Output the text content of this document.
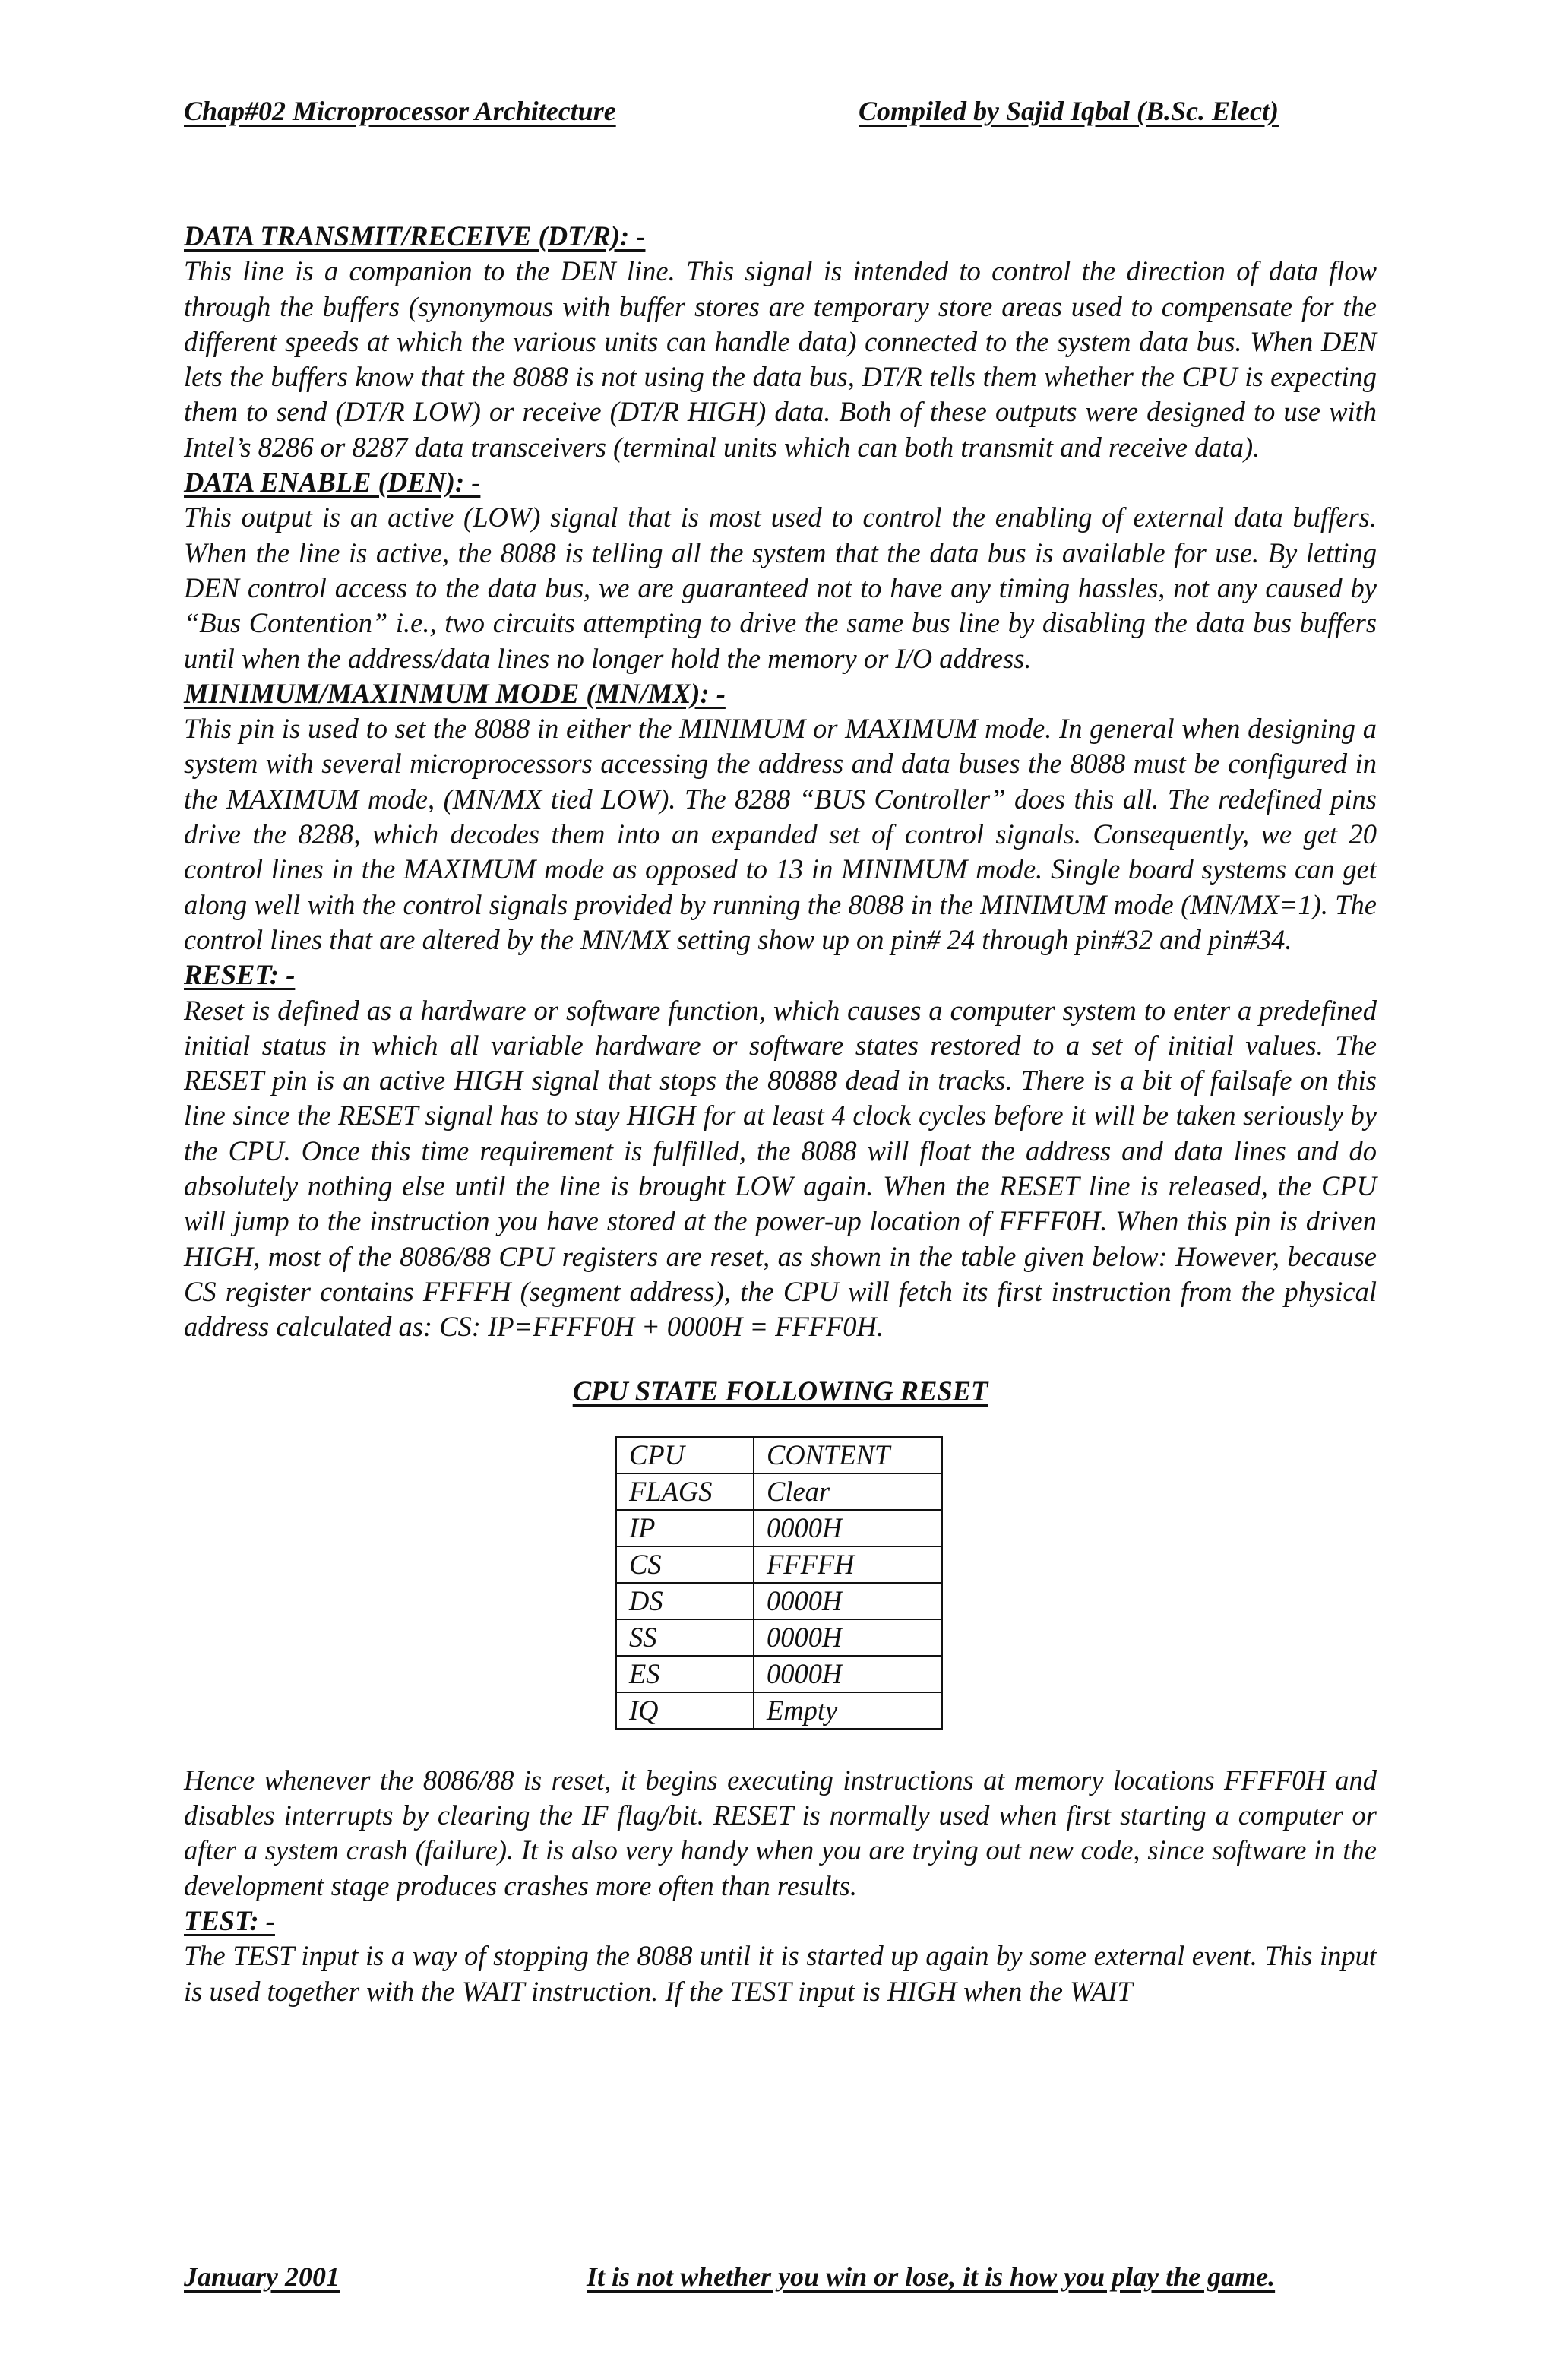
Chap#02 Microprocessor Architecture	Compiled by Sajid Iqbal (B.Sc. Elect)

DATA TRANSMIT/RECEIVE (DT/R): -

This line is a companion to the DEN line. This signal is intended to control the direction of data flow through the buffers (synonymous with buffer stores are temporary store areas used to compensate for the different speeds at which the various units can handle data) connected to the system data bus. When DEN lets the buffers know that the 8088 is not using the data bus, DT/R tells them whether the CPU is expecting them to send (DT/R LOW) or receive (DT/R HIGH) data. Both of these outputs were designed to use with Intel’s 8286 or 8287 data transceivers (terminal units which can both transmit and receive data).

DATA ENABLE (DEN): -

This output is an active (LOW) signal that is most used to control the enabling of external data buffers. When the line is active, the 8088 is telling all the system that the data bus is available for use. By letting DEN control access to the data bus, we are guaranteed not to have any timing hassles, not any caused by “Bus Contention” i.e., two circuits attempting to drive the same bus line by disabling the data bus buffers until when the address/data lines no longer hold the memory or I/O address.

MINIMUM/MAXINMUM MODE (MN/MX): -

This pin is used to set the 8088 in either the MINIMUM or MAXIMUM mode. In general when designing a system with several microprocessors accessing the address and data buses the 8088 must be configured in the MAXIMUM mode, (MN/MX tied LOW). The 8288 “BUS Controller” does this all. The redefined pins drive the 8288, which decodes them into an expanded set of control signals. Consequently, we get 20 control lines in the MAXIMUM mode as opposed to 13 in MINIMUM mode. Single board systems can get along well with the control signals provided by running the 8088 in the MINIMUM mode (MN/MX=1). The control lines that are altered by the MN/MX setting show up on pin# 24 through pin#32 and pin#34.

RESET: -

Reset is defined as a hardware or software function, which causes a computer system to enter a predefined initial status in which all variable hardware or software states restored to a set of initial values. The RESET pin is an active HIGH signal that stops the 80888 dead in tracks. There is a bit of failsafe on this line since the RESET signal has to stay HIGH for at least 4 clock cycles before it will be taken seriously by the CPU. Once this time requirement is fulfilled, the 8088 will float the address and data lines and do absolutely nothing else until the line is brought LOW again. When the RESET line is released, the CPU will jump to the instruction you have stored at the power-up location of FFFF0H. When this pin is driven HIGH, most of the 8086/88 CPU registers are reset, as shown in the table given below: However, because CS register contains FFFFH (segment address), the CPU will fetch its first instruction from the physical address calculated as: CS: IP=FFFF0H + 0000H = FFFF0H.

CPU STATE FOLLOWING RESET

CPU	CONTENT
FLAGS	Clear
IP	0000H
CS	FFFFH
DS	0000H
SS	0000H
ES	0000H
IQ	Empty

Hence whenever the 8086/88 is reset, it begins executing instructions at memory locations FFFF0H and disables interrupts by clearing the IF flag/bit. RESET is normally used when first starting a computer or after a system crash (failure). It is also very handy when you are trying out new code, since software in the development stage produces crashes more often than results.

TEST: -

The TEST input is a way of stopping the 8088 until it is started up again by some external event. This input is used together with the WAIT instruction. If the TEST input is HIGH when the WAIT

January 2001	It is not whether you win or lose, it is how you play the game.
